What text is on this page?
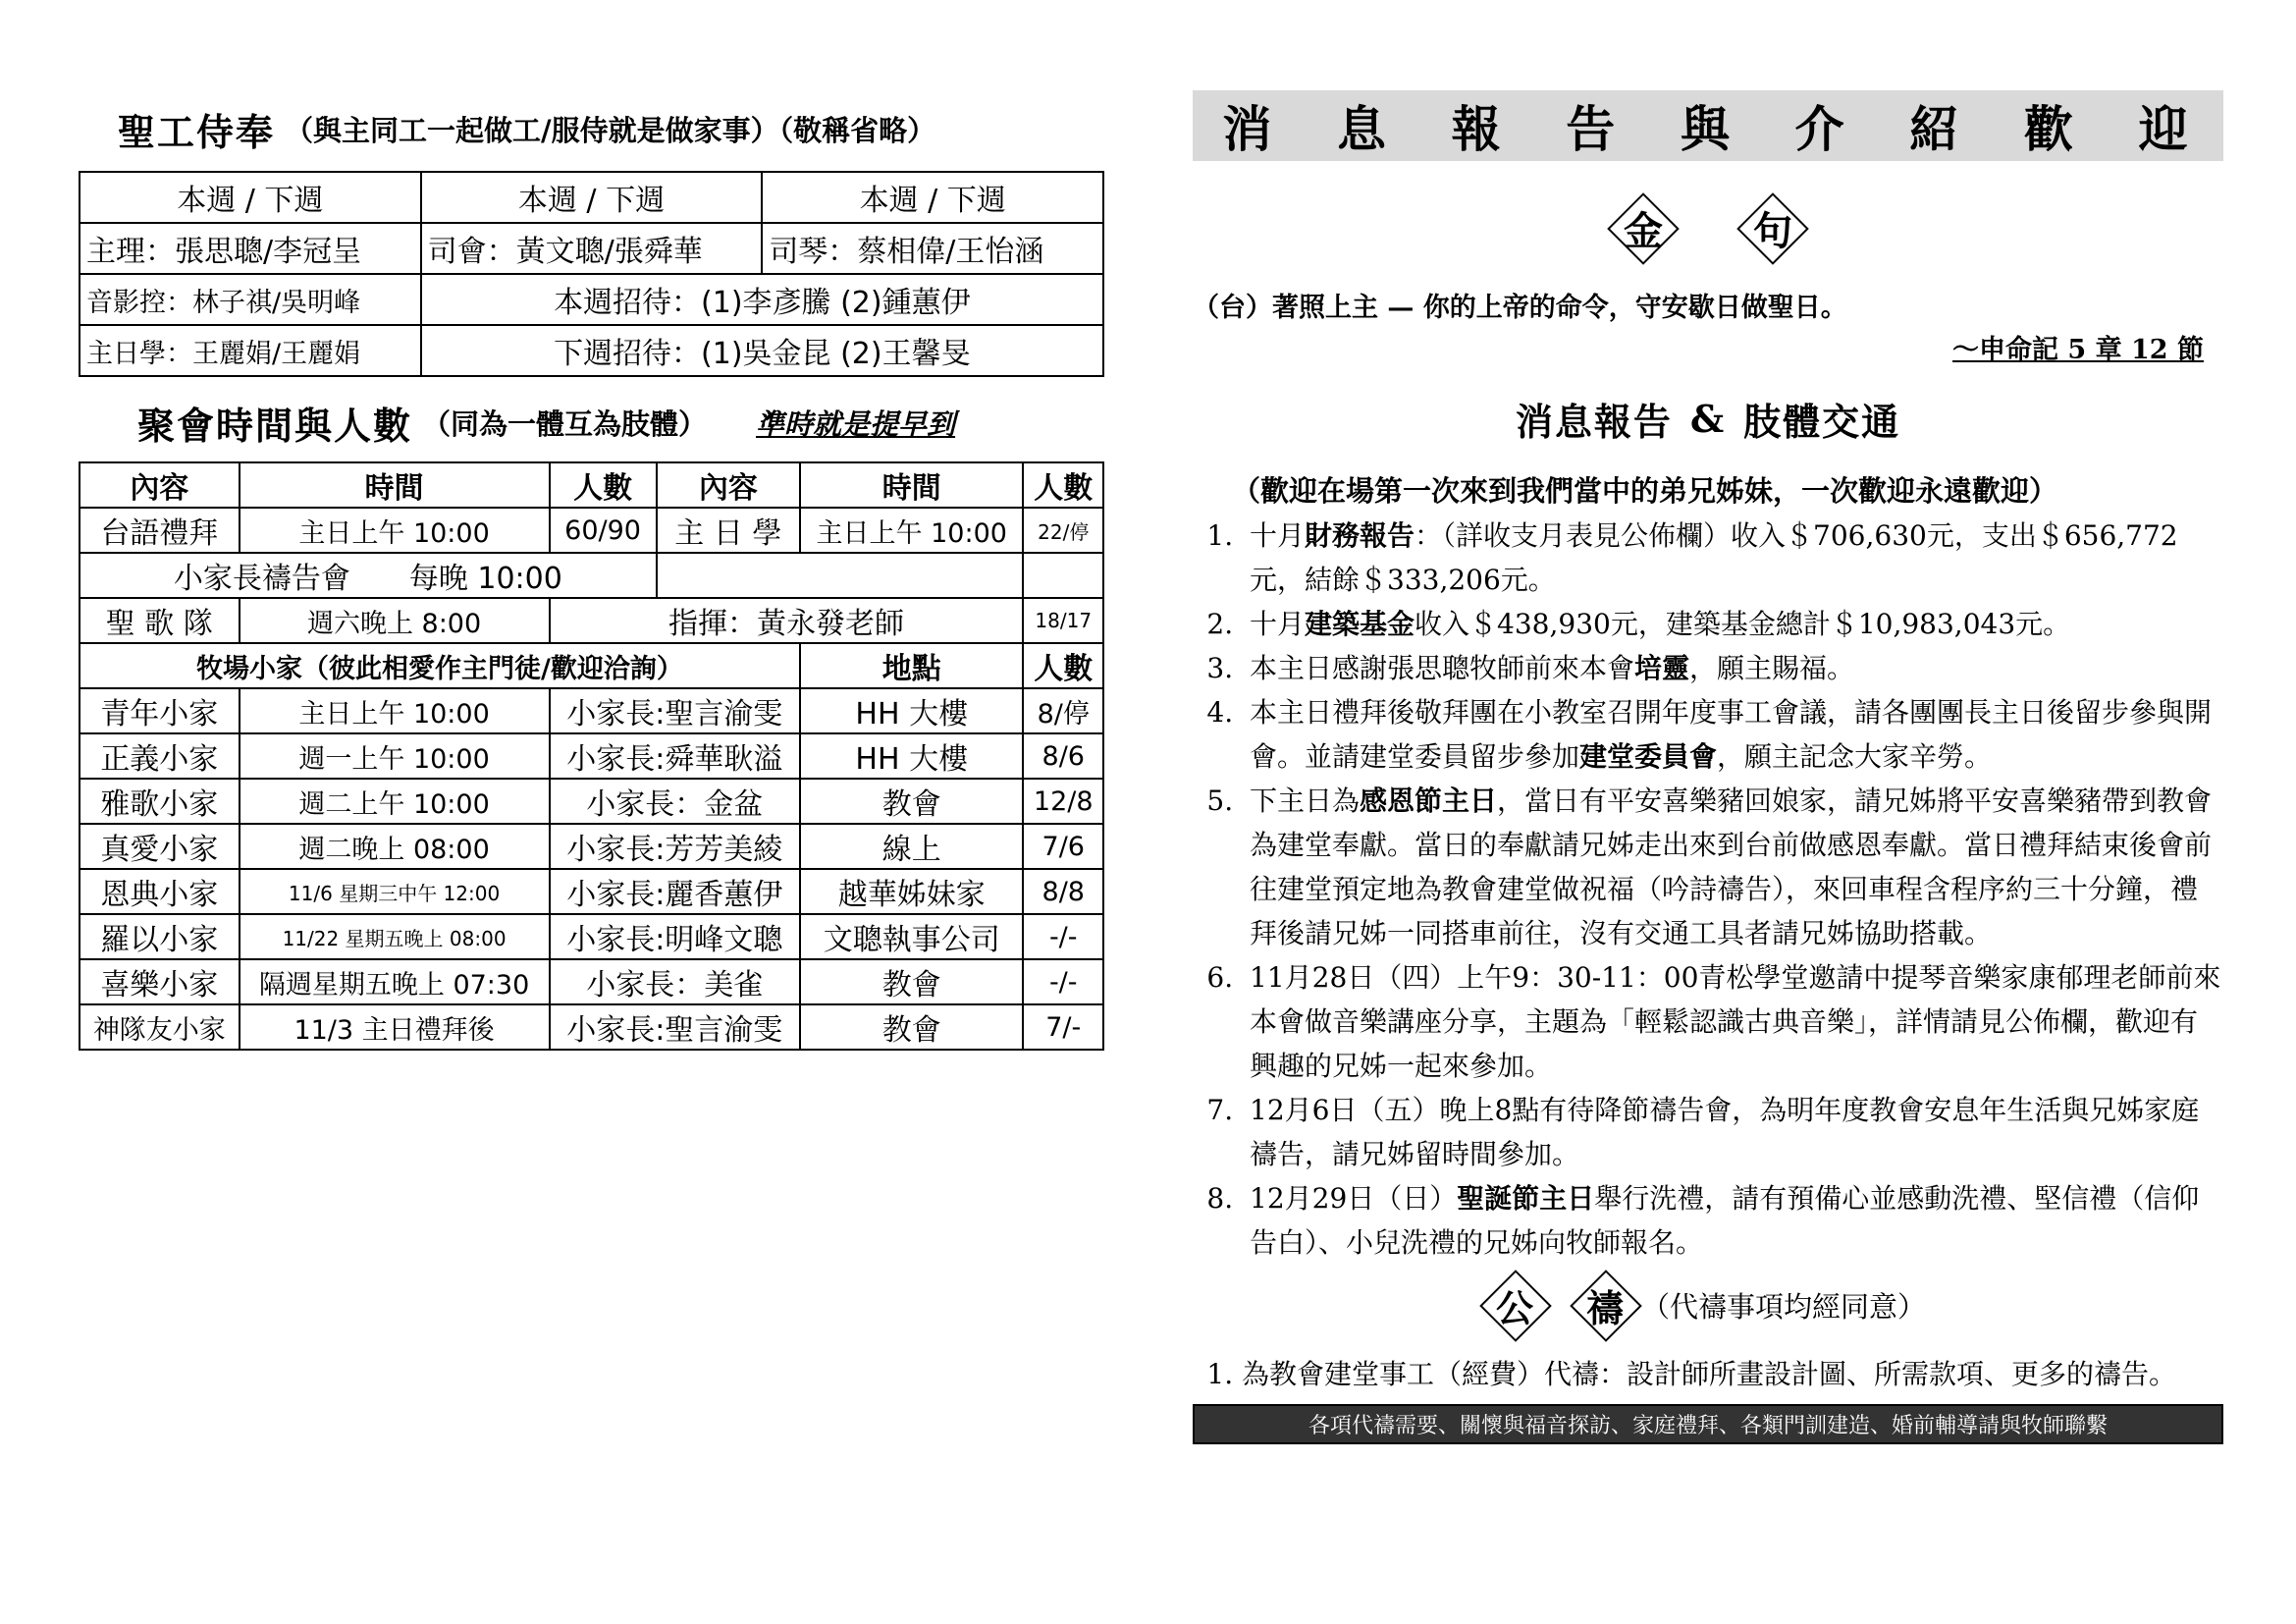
聖工侍奉 （與主同工一起做工/服侍就是做家事）（敬稱省略）
本週 / 下週	本週 / 下週	本週 / 下週
主理：張思聰/李冠呈	司會：黃文聰/張舜華	司琴：蔡相偉/王怡涵
音影控：林子祺/吳明峰	本週招待：(1)李彥騰 (2)鍾蕙伊	
主日學：王麗娟/王麗娟	下週招待：(1)吳金昆 (2)王馨旻	
聚會時間與人數 （同為一體互為肢體） 準時就是提早到
內容	時間	人數	內容	時間	人數
台語禮拜	主日上午 10:00	60/90	主 日 學	主日上午 10:00	22/停
小家長禱告會　　每晚 10:00					
聖 歌 隊	週六晚上 8:00	指揮：黃永發老師			18/17
牧場小家（彼此相愛作主門徒/歡迎洽詢）				地點	人數
青年小家	主日上午 10:00	小家長:聖言渝雯		HH 大樓	8/停
正義小家	週一上午 10:00	小家長:舜華耿溢		HH 大樓	8/6
雅歌小家	週二上午 10:00	小家長：金盆		教會	12/8
真愛小家	週二晚上 08:00	小家長:芳芳美綾		線上	7/6
恩典小家	11/6 星期三中午 12:00	小家長:麗香蕙伊		越華姊妹家	8/8
羅以小家	11/22 星期五晚上 08:00	小家長:明峰文聰		文聰執事公司	-/-
喜樂小家	隔週星期五晚上 07:30	小家長：美雀		教會	-/-
神隊友小家	11/3 主日禮拜後	小家長:聖言渝雯		教會	7/-
消 息 報 告 與 介 紹 歡 迎
金 句
（台）著照上主 — 你的上帝的命令，守安歇日做聖日。
～申命記 5 章 12 節
消息報告 & 肢體交通
（歡迎在場第一次來到我們當中的弟兄姊妹，一次歡迎永遠歡迎）
1. 十月財務報告：（詳收支月表見公佈欄）收入＄706,630元，支出＄656,772元，結餘＄333,206元。
2. 十月建築基金收入＄438,930元，建築基金總計＄10,983,043元。
3. 本主日感謝張思聰牧師前來本會培靈，願主賜福。
4. 本主日禮拜後敬拜團在小教室召開年度事工會議，請各團團長主日後留步參與開會。並請建堂委員留步參加建堂委員會，願主記念大家辛勞。
5. 下主日為感恩節主日，當日有平安喜樂豬回娘家，請兄姊將平安喜樂豬帶到教會為建堂奉獻。當日的奉獻請兄姊走出來到台前做感恩奉獻。當日禮拜結束後會前往建堂預定地為教會建堂做祝福（吟詩禱告），來回車程含程序約三十分鐘，禮拜後請兄姊一同搭車前往，沒有交通工具者請兄姊協助搭載。
6. 11月28日（四）上午9：30-11：00青松學堂邀請中提琴音樂家康郁理老師前來本會做音樂講座分享，主題為「輕鬆認識古典音樂」，詳情請見公佈欄，歡迎有興趣的兄姊一起來參加。
7. 12月6日（五）晚上8點有待降節禱告會，為明年度教會安息年生活與兄姊家庭禱告，請兄姊留時間參加。
8. 12月29日（日）聖誕節主日舉行洗禮，請有預備心並感動洗禮、堅信禮（信仰告白）、小兒洗禮的兄姊向牧師報名。
公 禱 （代禱事項均經同意）
1. 為教會建堂事工（經費）代禱：設計師所畫設計圖、所需款項、更多的禱告。
各項代禱需要、關懷與福音探訪、家庭禮拜、各類門訓建造、婚前輔導請與牧師聯繫
